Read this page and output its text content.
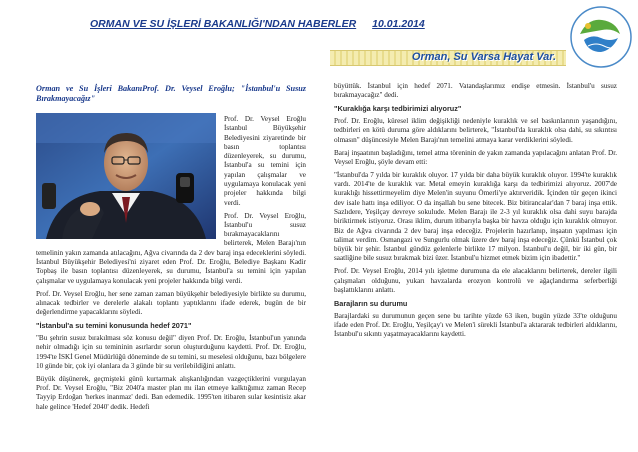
ORMAN VE SU İŞLERİ BAKANLIĞI'NDAN HABERLER 10.01.2014
Orman, Su Varsa Hayat Var.
Orman ve Su İşleri BakanıProf. Dr. Veysel Eroğlu; "İstanbul'u Susuz Bırakmayacağız"

Prof. Dr. Veysel Eroğlu İstanbul Büyükşehir Belediyesini ziyaretinde bir basın toplantısı düzenleyerek, su durumu, İstanbul'a su temini için yapılan çalışmalar ve uygulamaya konulacak yeni projeler hakkında bilgi verdi.

Prof. Dr. Veysel Eroğlu, İstanbul'u susuz bırakmayacaklarını belirterek, Melen Barajı'nın temelinin yakın zamanda atılacağını, Ağva civarında da 2 dev baraj inşa edeceklerini söyledi. İstanbul Büyükşehir Belediyesi'ni ziyaret eden Prof. Dr. Eroğlu, Belediye Başkanı Kadir Topbaş ile basın toplantısı düzenleyerek, su durumu, İstanbul'a su temini için yapılan çalışmalar ve uygulamaya konulacak yeni projeler hakkında bilgi verdi.

Prof. Dr. Veysel Eroğlu, her sene zaman zaman büyükşehir belediyesiyle birlikte su durumu, alınacak tedbirler ve derelerle alakalı toplantı yaptıklarını ifade ederek, bugün de bir değerlendirme yapacaklarını söyledi.

"İstanbul'a su temini konusunda hedef 2071"

"Bu şehrin susuz bırakılması söz konusu değil" diyen Prof. Dr. Eroğlu, İstanbul'un yanında nehir olmadığı için su temininin asırlardır sorun oluşturduğunu kaydetti. Prof. Dr. Eroğlu, 1994'te İSKİ Genel Müdürlüğü döneminde de su temini, su meselesi olduğunu, bazı bölgelere 10 günde bir, çok iyi olanlara da 3 günde bir su verilebildiğini anlattı.

Büyük düşünerek, geçmişteki günü kurtarmak alışkanlığından vazgeçtiklerini vurgulayan Prof. Dr. Veysel Eroğlu, "Biz 2040'a master plan mı ilan etmeye kalktığımız zaman Recep Tayyip Erdoğan 'herkes inanmaz' dedi. Ban edemedik. 1995'ten itibaren sular kesintisiz akar hale gelince 'Hedef 2040' dedik. Hedefi

büyüttük. İstanbul için hedef 2071. Vatandaşlarımız endişe etmesin. İstanbul'u susuz bırakmayacağız" dedi.

"Kuraklığa karşı tedbirimizi alıyoruz"

Prof. Dr. Eroğlu, küresel iklim değişikliği nedeniyle kuraklık ve sel baskınlarının yaşandığını, tedbirleri en kötü duruma göre aldıklarını belirterek, "İstanbul'da kuraklık olsa dahi, su sıkıntısı olmasın" düşüncesiyle Melen Barajı'nın temelini atmaya karar verdiklerini söyledi.

Baraj inşaatının başladığını, temel atma töreninin de yakın zamanda yapılacağını anlatan Prof. Dr. Veysel Eroğlu, şöyle devam etti:

"İstanbul'da 7 yılda bir kuraklık oluyor. 17 yılda bir daha büyük kuraklık oluyor. 1994'te kuraklık vardı. 2014'te de kuraklık var. Metal emeyin kuraklığa karşı da tedbirimizi alıyoruz. 2007'de kuraklığı hissettirmeyelim diye Melen'in suyunu Ömerli'ye aktırveridik. İçinden tür geçen ikinci dev isale hattı inşa ediliyor. O da inşallah bu sene bitecek. Biz bitirancalar'dan 7 baraj inşa ettik. Sazlıdere, Yeşilçay devreye sokulude. Melen Barajı ile 2-3 yıl kuraklık olsa dahi suyu barajda biriktirmek istiyoruz. Orası iklim, durum itibarıyla başka bir havza olduğu için kuraklık olmuyor. Biz de Ağva civarında 2 dev baraj inşa edeceğiz. Projelerin hazırlanıp, inşaatın yapılması için talimat verdim. Osmangazi ve Sungurlu olmak üzere dev baraj inşa edeceğiz. Çünkü İstanbul çok büyük bir şehir. İstanbul gündüz gelenlerle birlikte 17 milyon. İstanbul'u değil, bir iki gün, bir saatliğine bile susuz bırakmak bizi üzer. İstanbul'u hizmet etmek bizim için ibadettir."

Prof. Dr. Veysel Eroğlu, 2014 yılı işletme durumuna da ele alacaklarını belirterek, dereler ilgili çalışmaları olduğunu, yukarı havzalarda erozyon kontrolü ve ağaçlandırma seferberliği başlattıklarını anlattı.

Barajların su durumu

Barajlardaki su durumunun geçen sene bu tarihte yüzde 63 iken, bugün yüzde 33'te olduğunu ifade eden Prof. Dr. Eroğlu, Yeşilçay'ı ve Melen'i sürekli İstanbul'a aktararak tedbirleri aldıklarını, İstanbul'u sıkıntı yaşatmayacaklarını kaydetti.
